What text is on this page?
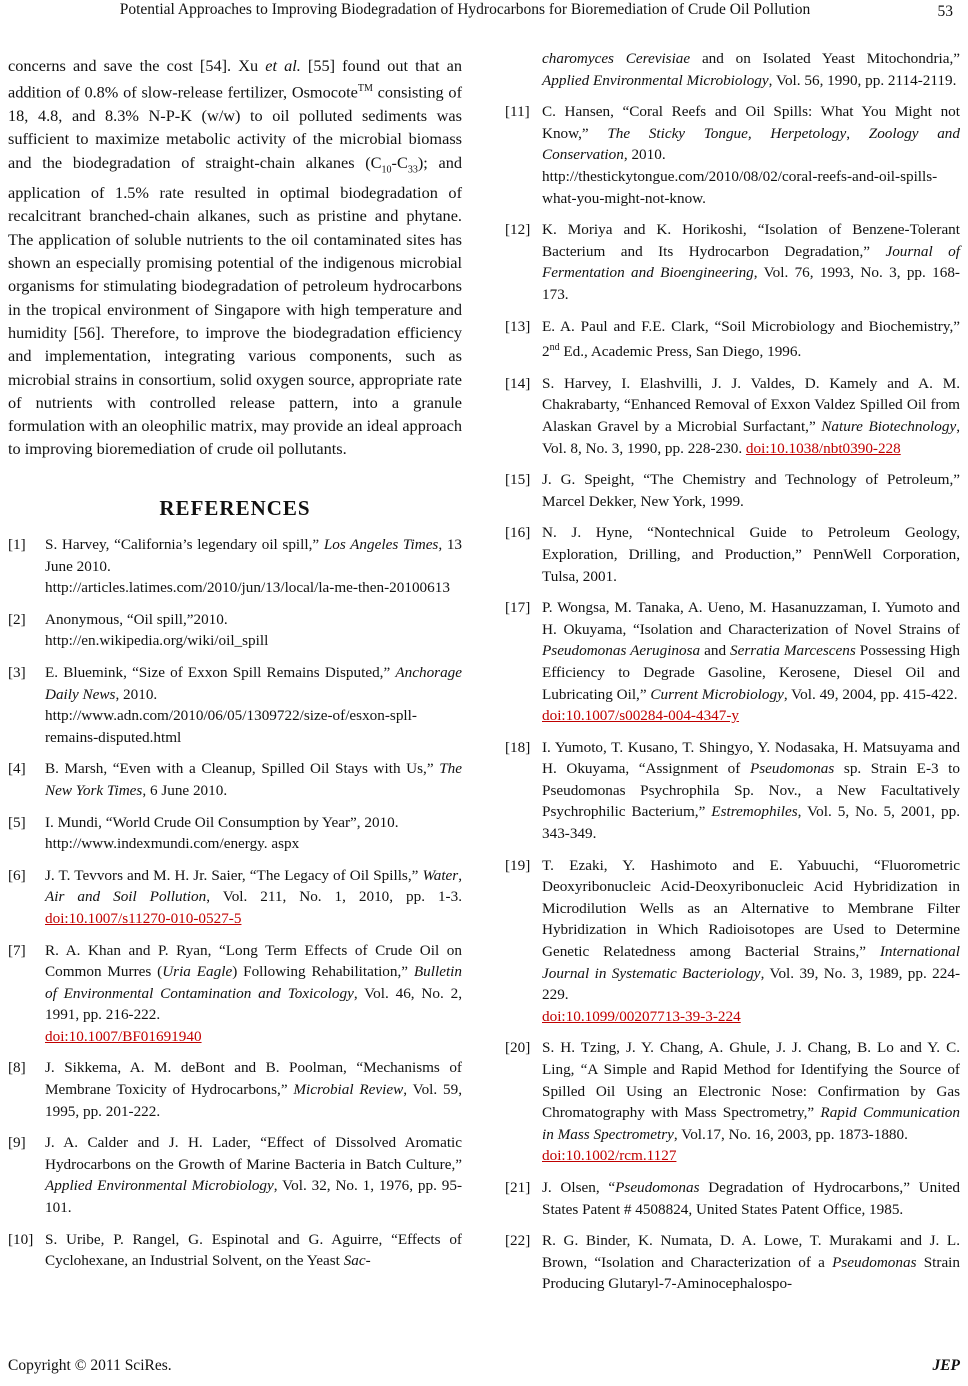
Potential Approaches to Improving Biodegradation of Hydrocarbons for Bioremediation of Crude Oil Pollution	53

concerns and save the cost [54]. Xu et al. [55] found out that an addition of 0.8% of slow-release fertilizer, Osmocote™ consisting of 18, 4.8, and 8.3% N-P-K (w/w) to oil polluted sediments was sufficient to maximize metabolic activity of the microbial biomass and the biodegradation of straight-chain alkanes $(C_{10}-C_{33})$; and application of 1.5% rate resulted in optimal biodegradation of recalcitrant branched-chain alkanes, such as pristine and phytane. The application of soluble nutrients to the oil contaminated sites has shown an especially promising potential of the indigenous microbial organisms for stimulating biodegradation of petroleum hydrocarbons in the tropical environment of Singapore with high temperature and humidity [56]. Therefore, to improve the biodegradation efficiency and implementation, integrating various components, such as microbial strains in consortium, solid oxygen source, appropriate rate of nutrients with controlled release pattern, into a granule formulation with an oleophilic matrix, may provide an ideal approach to improving bioremediation of crude oil pollutants.

REFERENCES
[1]	S. Harvey, “California’s legendary oil spill,” Los Angeles Times, 13 June 2010.
http://articles.latimes.com/2010/jun/13/local/la-me-then-20100613
[2]	Anonymous, “Oil spill,”2010.
http://en.wikipedia.org/wiki/oil_spill
[3]	E. Bluemink, “Size of Exxon Spill Remains Disputed,” Anchorage Daily News, 2010.
http://www.adn.com/2010/06/05/1309722/size-of/esxon-spll-remains-disputed.html
[4]	B. Marsh, “Even with a Cleanup, Spilled Oil Stays with Us,” The New York Times, 6 June 2010.
[5]	I. Mundi, “World Crude Oil Consumption by Year”, 2010.
http://www.indexmundi.com/energy. aspx
[6]	J. T. Tevvors and M. H. Jr. Saier, “The Legacy of Oil Spills,” Water, Air and Soil Pollution, Vol. 211, No. 1, 2010, pp. 1-3. doi:10.1007/s11270-010-0527-5
[7]	R. A. Khan and P. Ryan, “Long Term Effects of Crude Oil on Common Murres (Uria Eagle) Following Rehabilitation,” Bulletin of Environmental Contamination and Toxicology, Vol. 46, No. 2, 1991, pp. 216-222.
doi:10.1007/BF01691940
[8]	J. Sikkema, A. M. deBont and B. Poolman, “Mechanisms of Membrane Toxicity of Hydrocarbons,” Microbial Review, Vol. 59, 1995, pp. 201-222.
[9]	J. A. Calder and J. H. Lader, “Effect of Dissolved Aromatic Hydrocarbons on the Growth of Marine Bacteria in Batch Culture,” Applied Environmental Microbiology, Vol. 32, No. 1, 1976, pp. 95-101.
[10] S. Uribe, P. Rangel, G. Espinotal and G. Aguirre, “Effects of Cyclohexane, an Industrial Solvent, on the Yeast Sac-
charomyces Cerevisiae and on Isolated Yeast Mitochondria,” Applied Environmental Microbiology, Vol. 56, 1990, pp. 2114-2119.
[11] C. Hansen, “Coral Reefs and Oil Spills: What You Might not Know,” The Sticky Tongue, Herpetology, Zoology and Conservation, 2010.
http://thestickytongue.com/2010/08/02/coral-reefs-and-oil-spills-what-you-might-not-know.
[12] K. Moriya and K. Horikoshi, “Isolation of Benzene-Tolerant Bacterium and Its Hydrocarbon Degradation,” Journal of Fermentation and Bioengineering, Vol. 76, 1993, No. 3, pp. 168-173.
[13] E. A. Paul and F.E. Clark, “Soil Microbiology and Biochemistry,” 2nd Ed., Academic Press, San Diego, 1996.
[14] S. Harvey, I. Elashvilli, J. J. Valdes, D. Kamely and A. M. Chakrabarty, “Enhanced Removal of Exxon Valdez Spilled Oil from Alaskan Gravel by a Microbial Surfactant,” Nature Biotechnology, Vol. 8, No. 3, 1990, pp. 228-230. doi:10.1038/nbt0390-228
[15] J. G. Speight, “The Chemistry and Technology of Petroleum,” Marcel Dekker, New York, 1999.
[16] N. J. Hyne, “Nontechnical Guide to Petroleum Geology, Exploration, Drilling, and Production,” PennWell Corporation, Tulsa, 2001.
[17] P. Wongsa, M. Tanaka, A. Ueno, M. Hasanuzzaman, I. Yumoto and H. Okuyama, “Isolation and Characterization of Novel Strains of Pseudomonas Aeruginosa and Serratia Marcescens Possessing High Efficiency to Degrade Gasoline, Kerosene, Diesel Oil and Lubricating Oil,” Current Microbiology, Vol. 49, 2004, pp. 415-422.
doi:10.1007/s00284-004-4347-y
[18] I. Yumoto, T. Kusano, T. Shingyo, Y. Nodasaka, H. Matsuyama and H. Okuyama, “Assignment of Pseudomonas sp. Strain E-3 to Pseudomonas Psychrophila Sp. Nov., a New Facultatively Psychrophilic Bacterium,” Estremophiles, Vol. 5, No. 5, 2001, pp. 343-349.
[19] T. Ezaki, Y. Hashimoto and E. Yabuuchi, “Fluorometric Deoxyribonucleic Acid-Deoxyribonucleic Acid Hybridization in Microdilution Wells as an Alternative to Membrane Filter Hybridization in Which Radioisotopes are Used to Determine Genetic Relatedness among Bacterial Strains,” International Journal in Systematic Bacteriology, Vol. 39, No. 3, 1989, pp. 224-229.
doi:10.1099/00207713-39-3-224
[20] S. H. Tzing, J. Y. Chang, A. Ghule, J. J. Chang, B. Lo and Y. C. Ling, “A Simple and Rapid Method for Identifying the Source of Spilled Oil Using an Electronic Nose: Confirmation by Gas Chromatography with Mass Spectrometry,” Rapid Communication in Mass Spectrometry, Vol.17, No. 16, 2003, pp. 1873-1880.
doi:10.1002/rcm.1127
[21] J. Olsen, “Pseudomonas Degradation of Hydrocarbons,” United States Patent # 4508824, United States Patent Office, 1985.
[22] R. G. Binder, K. Numata, D. A. Lowe, T. Murakami and J. L. Brown, “Isolation and Characterization of a Pseudomonas Strain Producing Glutaryl-7-Aminocephalospo-
Copyright © 2011 SciRes.	JEP
